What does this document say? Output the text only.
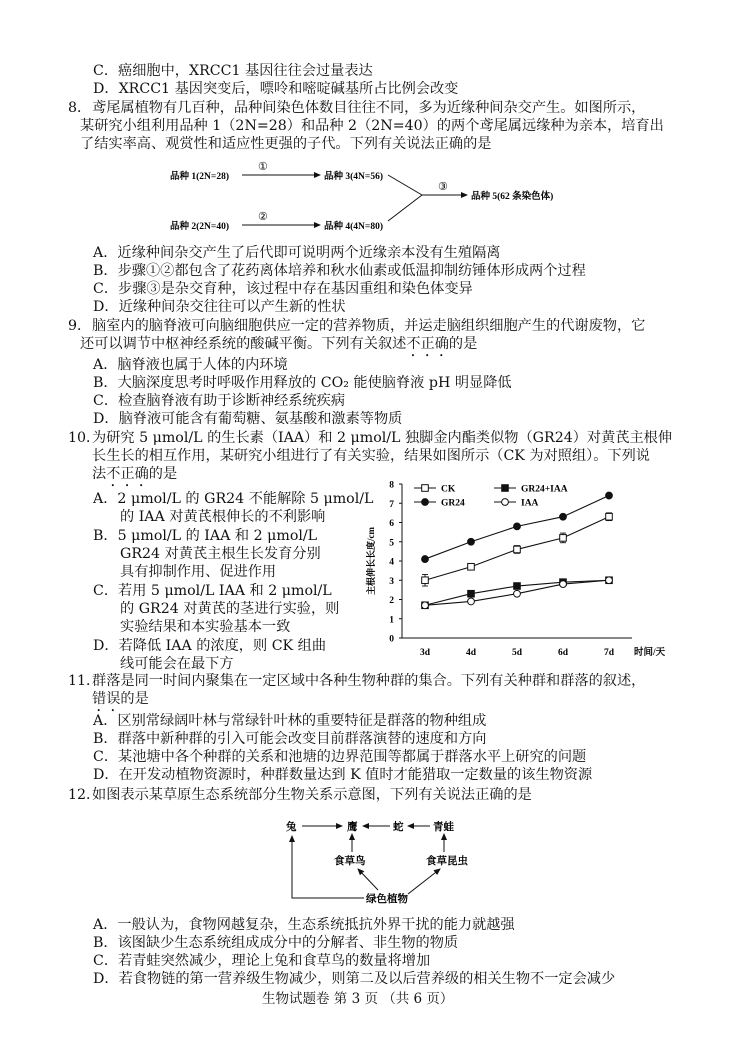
C．癌细胞中，XRCC1 基因往往会过量表达
D．XRCC1 基因突变后，嘌呤和嘧啶碱基所占比例会改变
8． 鸢尾属植物有几百种，品种间染色体数目往往不同，多为近缘种间杂交产生。如图所示，
某研究小组利用品种 1（2N=28）和品种 2（2N=40）的两个鸢尾属远缘种为亲本，培育出
了结实率高、观赏性和适应性更强的子代。下列有关说法正确的是
品种 1(2N=28)
①
品种 3(4N=56)
品种 2(2N=40)
②
品种 4(4N=80)
③
品种 5(62 条染色体)
A．近缘种间杂交产生了后代即可说明两个近缘亲本没有生殖隔离
B．步骤①②都包含了花药离体培养和秋水仙素或低温抑制纺锤体形成两个过程
C．步骤③是杂交育种，该过程中存在基因重组和染色体变异
D．近缘种间杂交往往可以产生新的性状
9． 脑室内的脑脊液可向脑细胞供应一定的营养物质，并运走脑组织细胞产生的代谢废物，它
还可以调节中枢神经系统的酸碱平衡。下列有关叙述不正确的是
A．脑脊液也属于人体的内环境
B．大脑深度思考时呼吸作用释放的 CO₂ 能使脑脊液 pH 明显降低
C．检查脑脊液有助于诊断神经系统疾病
D．脑脊液可能含有葡萄糖、氨基酸和激素等物质
10．
为研究 5 μmol/L 的生长素（IAA）和 2 μmol/L 独脚金内酯类似物（GR24）对黄芪主根伸
长生长的相互作用，某研究小组进行了有关实验，结果如图所示（CK 为对照组）。下列说
法不正确的是
A．2 μmol/L 的 GR24 不能解除 5 μmol/L
的 IAA 对黄芪根伸长的不利影响
B．5 μmol/L 的 IAA 和 2 μmol/L
GR24 对黄芪主根生长发育分别
具有抑制作用、促进作用
C．若用 5 μmol/L IAA 和 2 μmol/L
的 GR24 对黄芪的茎进行实验，则
实验结果和本实验基本一致
D．若降低 IAA 的浓度，则 CK 组曲
线可能会在最下方
0
1
2
3
4
5
6
7
8
3d	4d	5d	6d	7d 时间/天
主根伸长长度/cm
CK
GR24
GR24+IAA
IAA
11．
群落是同一时间内聚集在一定区域中各种生物种群的集合。下列有关种群和群落的叙述，
错误的是
A．区别常绿阔叶林与常绿针叶林的重要特征是群落的物种组成
B．群落中新种群的引入可能会改变目前群落演替的速度和方向
C．某池塘中各个种群的关系和池塘的边界范围等都属于群落水平上研究的问题
D．在开发动植物资源时，种群数量达到 K 值时才能猎取一定数量的该生物资源
12．
如图表示某草原生态系统部分生物关系示意图，下列有关说法正确的是
兔	鹰	蛇	青蛙
食草鸟	食草昆虫
绿色植物
A．一般认为，食物网越复杂，生态系统抵抗外界干扰的能力就越强
B．该图缺少生态系统组成成分中的分解者、非生物的物质
C．若青蛙突然减少，理论上兔和食草鸟的数量将增加
D．若食物链的第一营养级生物减少，则第二及以后营养级的相关生物不一定会减少
生物试题卷 第 3 页 （共 6 页）
